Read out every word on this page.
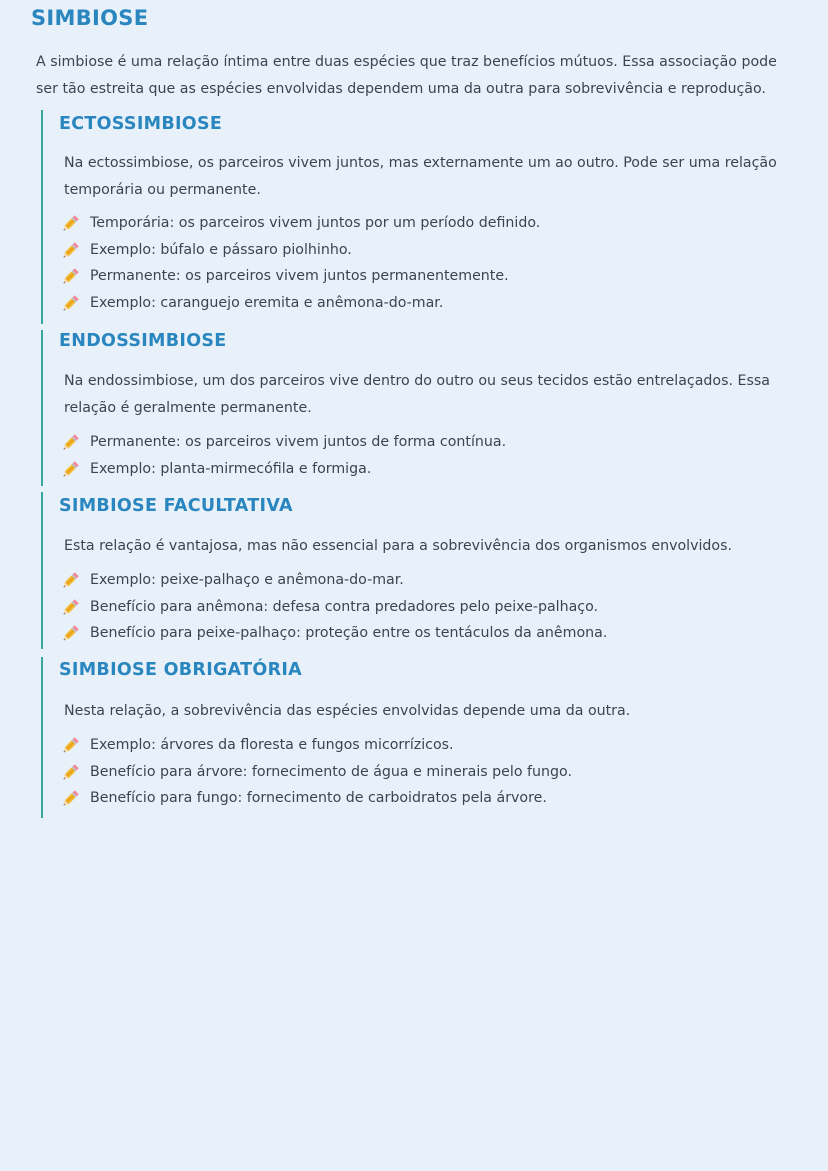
SIMBIOSE

A simbiose é uma relação íntima entre duas espécies que traz benefícios mútuos. Essa associação pode ser tão estreita que as espécies envolvidas dependem uma da outra para sobrevivência e reprodução.

ECTOSSIMBIOSE

Na ectossimbiose, os parceiros vivem juntos, mas externamente um ao outro. Pode ser uma relação temporária ou permanente.

Temporária: os parceiros vivem juntos por um período definido.
Exemplo: búfalo e pássaro piolhinho.
Permanente: os parceiros vivem juntos permanentemente.
Exemplo: caranguejo eremita e anêmona-do-mar.
ENDOSSIMBIOSE

Na endossimbiose, um dos parceiros vive dentro do outro ou seus tecidos estão entrelaçados. Essa relação é geralmente permanente.

Permanente: os parceiros vivem juntos de forma contínua.
Exemplo: planta-mirmecófila e formiga.
SIMBIOSE FACULTATIVA

Esta relação é vantajosa, mas não essencial para a sobrevivência dos organismos envolvidos.

Exemplo: peixe-palhaço e anêmona-do-mar.
Benefício para anêmona: defesa contra predadores pelo peixe-palhaço.
Benefício para peixe-palhaço: proteção entre os tentáculos da anêmona.
SIMBIOSE OBRIGATÓRIA

Nesta relação, a sobrevivência das espécies envolvidas depende uma da outra.

Exemplo: árvores da floresta e fungos micorrízicos.
Benefício para árvore: fornecimento de água e minerais pelo fungo.
Benefício para fungo: fornecimento de carboidratos pela árvore.
